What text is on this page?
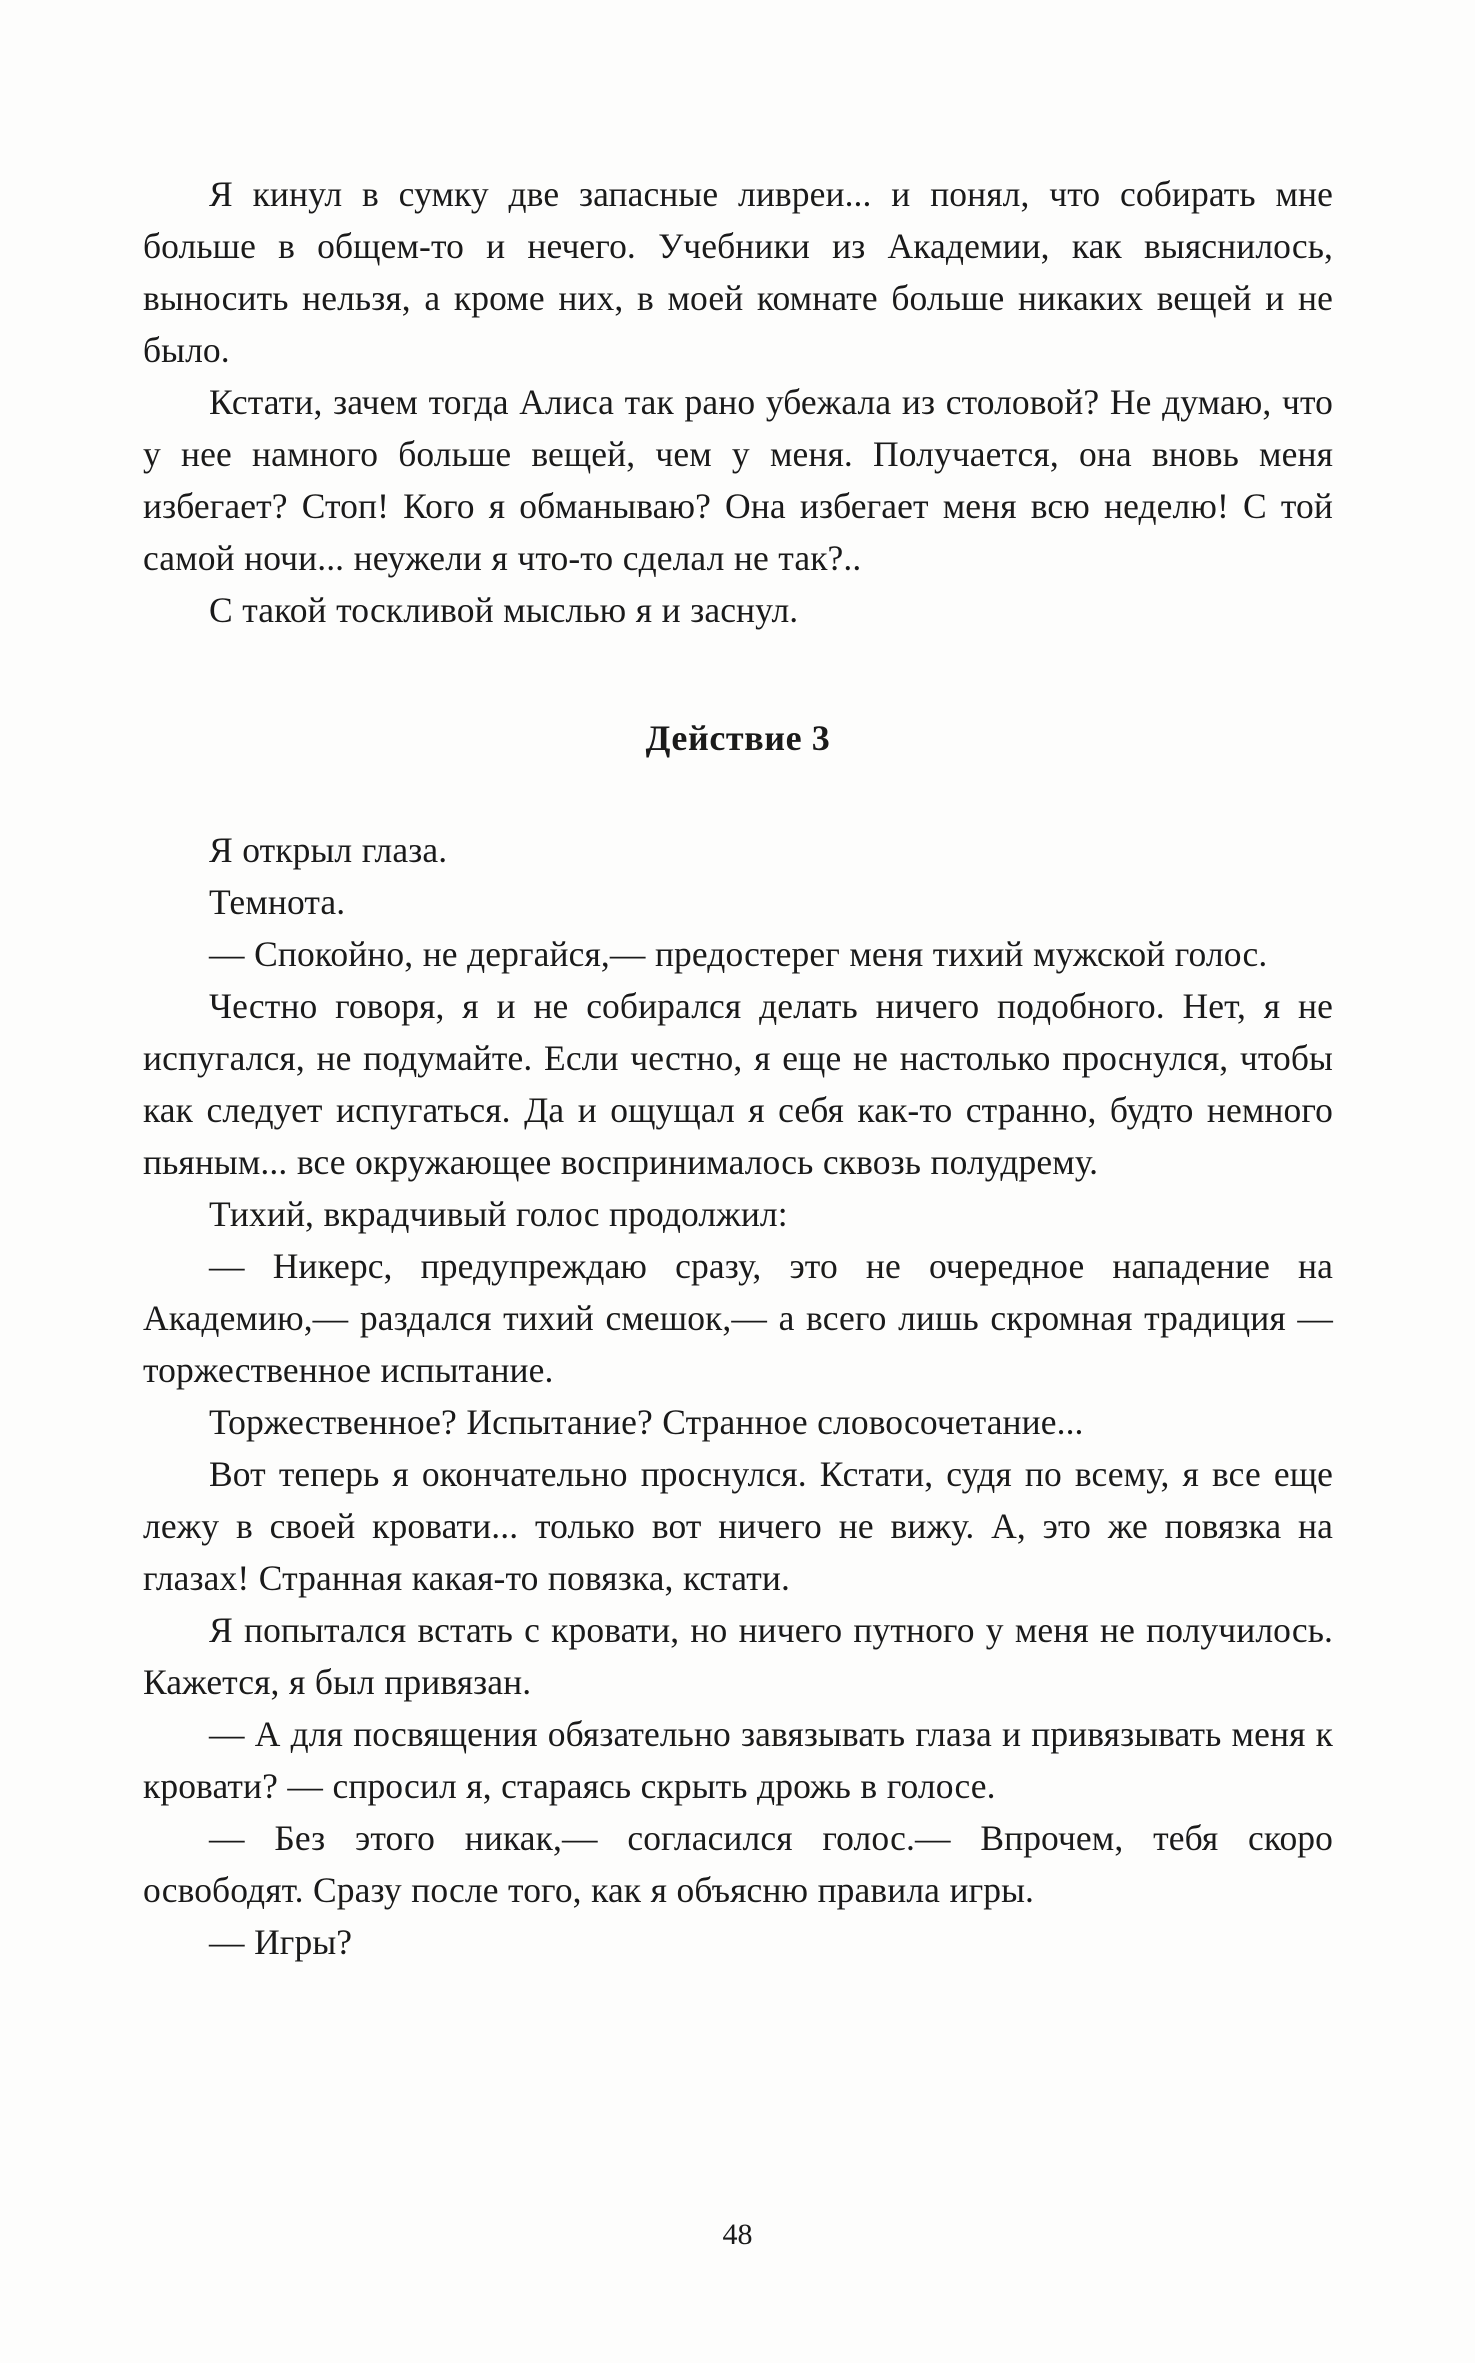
Я кинул в сумку две запасные ливреи... и понял, что собирать мне больше в общем-то и нечего. Учебники из Академии, как выяснилось, выносить нельзя, а кроме них, в моей комнате больше никаких вещей и не было.

Кстати, зачем тогда Алиса так рано убежала из столовой? Не думаю, что у нее намного больше вещей, чем у меня. Получается, она вновь меня избегает? Стоп! Кого я обманываю? Она избегает меня всю неделю! С той самой ночи... неужели я что-то сделал не так?..

С такой тоскливой мыслью я и заснул.

Действие 3

Я открыл глаза.

Темнота.

— Спокойно, не дергайся,— предостерег меня тихий мужской голос.

Честно говоря, я и не собирался делать ничего подобного. Нет, я не испугался, не подумайте. Если честно, я еще не настолько проснулся, чтобы как следует испугаться. Да и ощущал я себя как-то странно, будто немного пьяным... все окружающее воспринималось сквозь полудрему.

Тихий, вкрадчивый голос продолжил:

— Никерс, предупреждаю сразу, это не очередное нападение на Академию,— раздался тихий смешок,— а всего лишь скромная традиция — торжественное испытание.

Торжественное? Испытание? Странное словосочетание...

Вот теперь я окончательно проснулся. Кстати, судя по всему, я все еще лежу в своей кровати... только вот ничего не вижу. А, это же повязка на глазах! Странная какая-то повязка, кстати.

Я попытался встать с кровати, но ничего путного у меня не получилось. Кажется, я был привязан.

— А для посвящения обязательно завязывать глаза и привязывать меня к кровати? — спросил я, стараясь скрыть дрожь в голосе.

— Без этого никак,— согласился голос.— Впрочем, тебя скоро освободят. Сразу после того, как я объясню правила игры.

— Игры?

48
